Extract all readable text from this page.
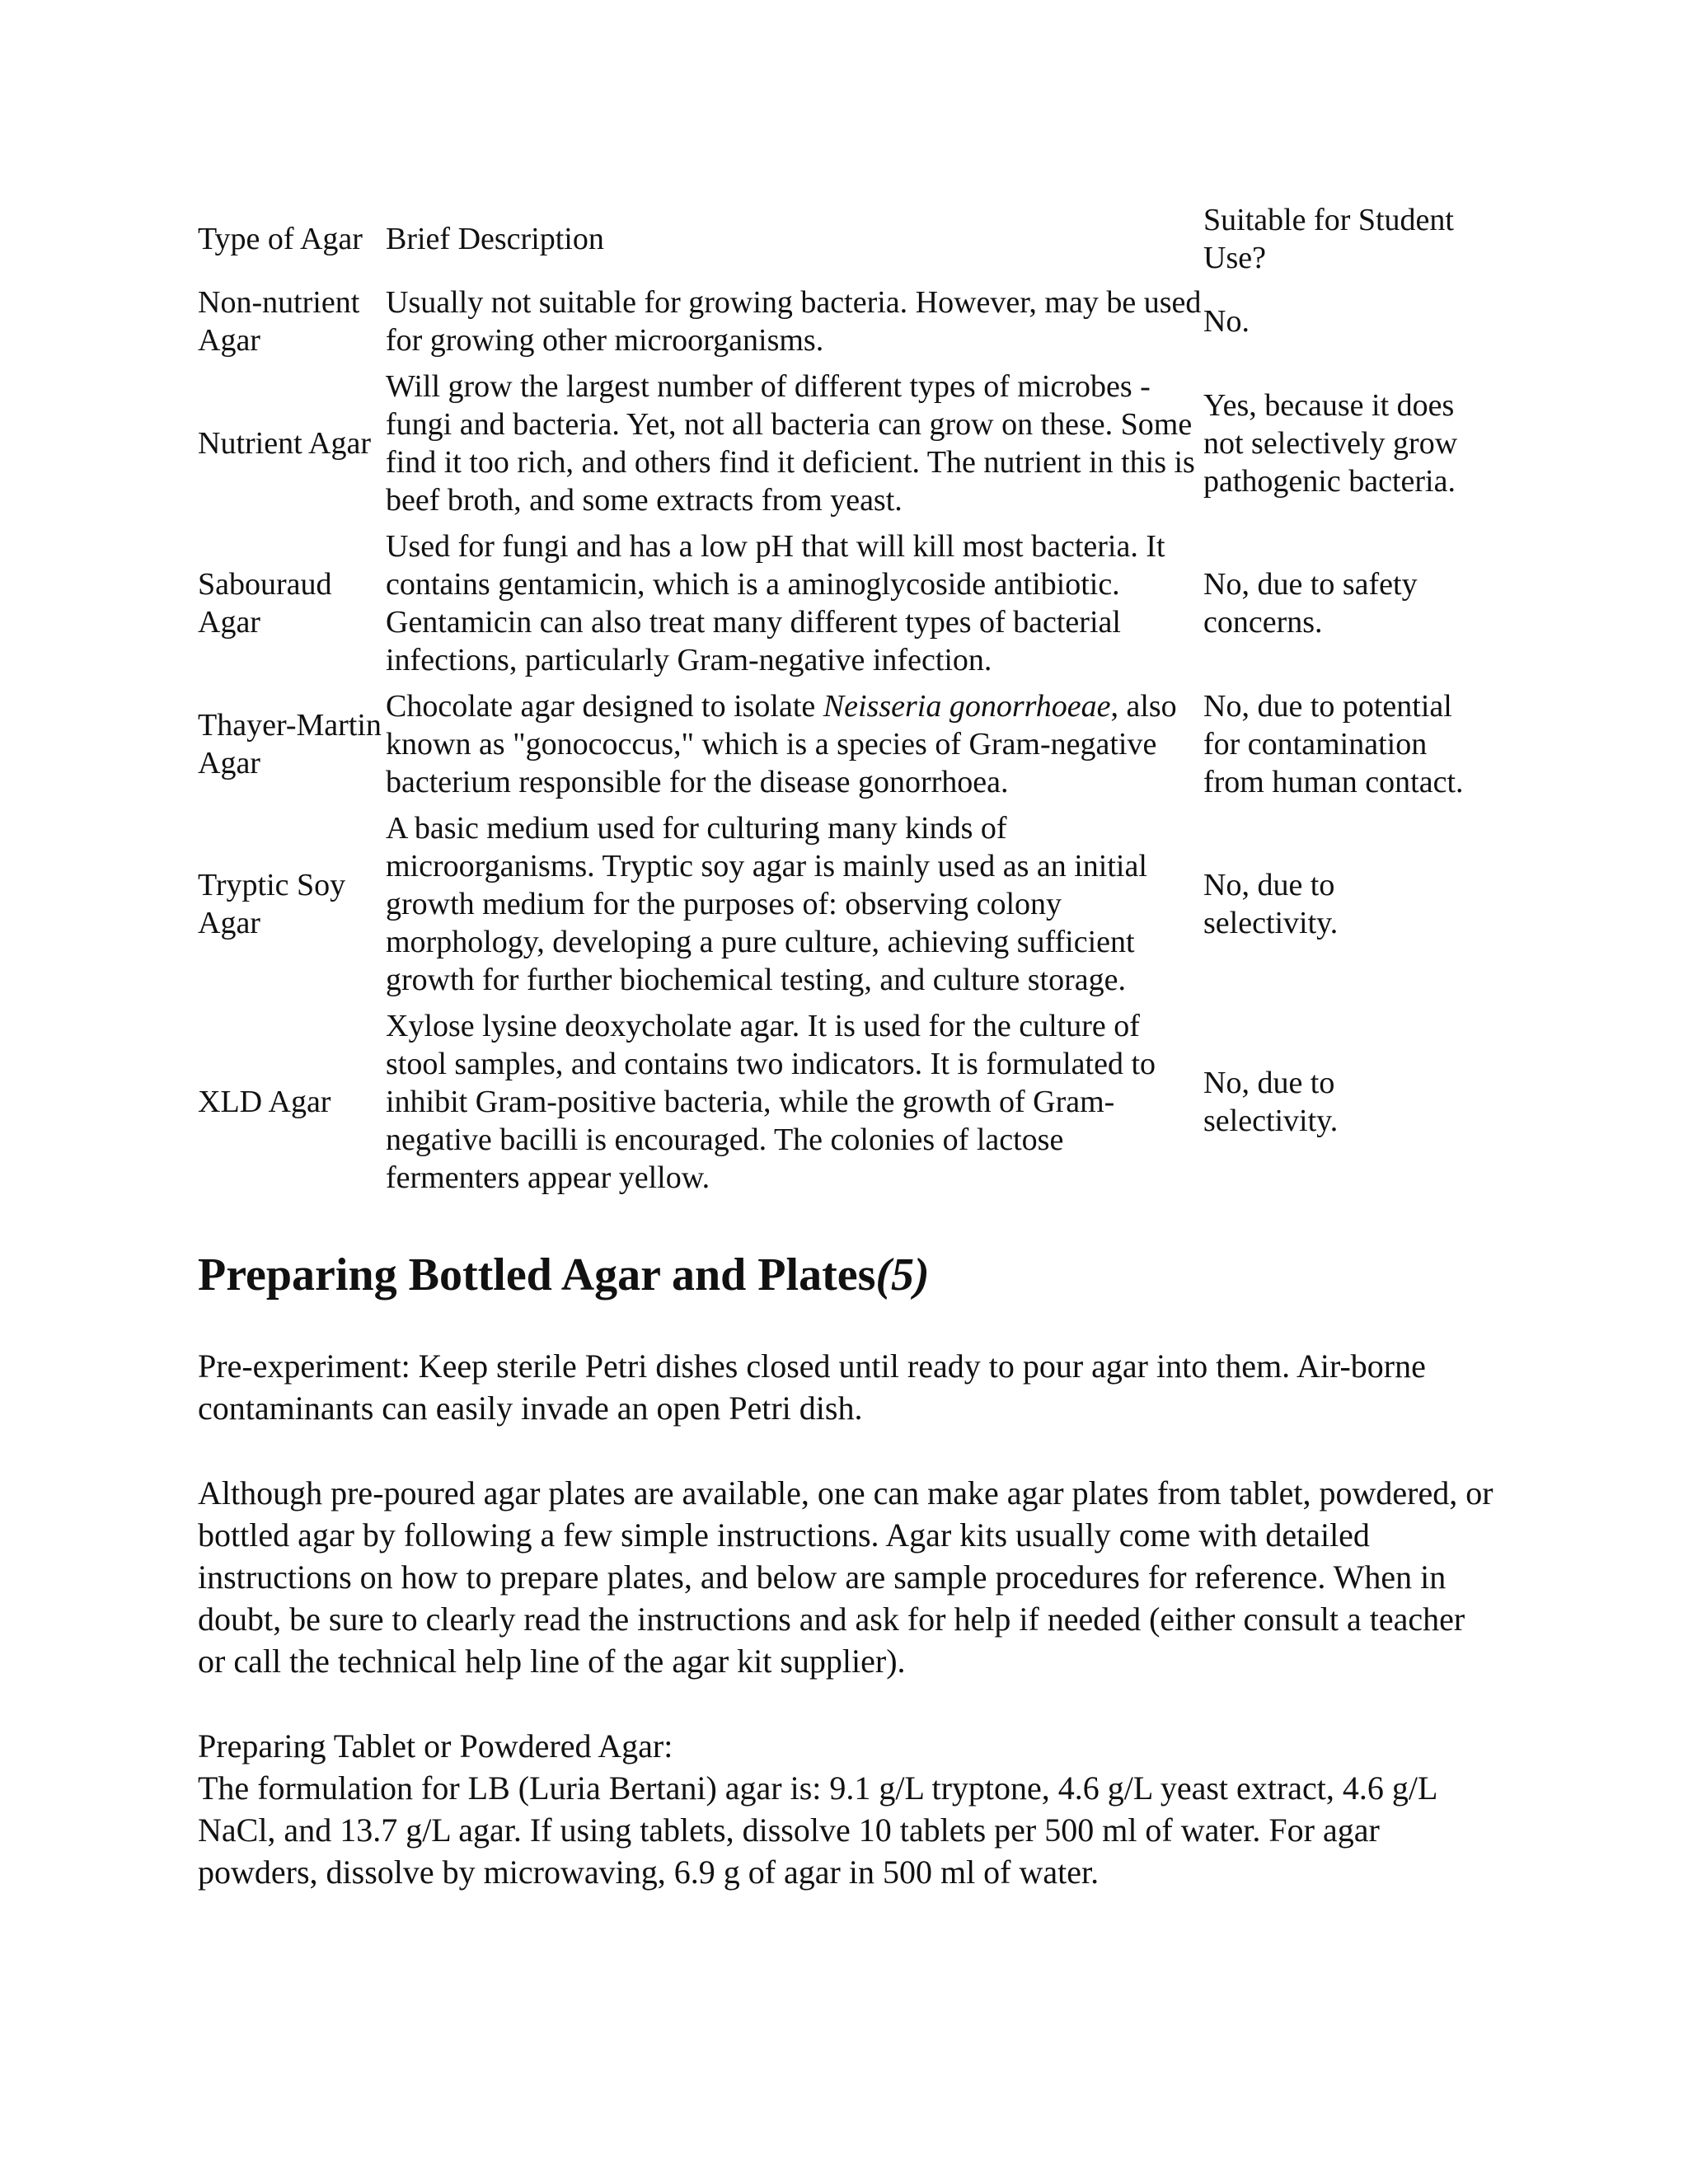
Type of Agar	Brief Description	Suitable for Student Use?
Non-nutrient Agar	Usually not suitable for growing bacteria. However, may be used for growing other microorganisms.	No.
Nutrient Agar	Will grow the largest number of different types of microbes - fungi and bacteria. Yet, not all bacteria can grow on these. Some find it too rich, and others find it deficient. The nutrient in this is beef broth, and some extracts from yeast.	Yes, because it does not selectively grow pathogenic bacteria.
Sabouraud Agar	Used for fungi and has a low pH that will kill most bacteria. It contains gentamicin, which is a aminoglycoside antibiotic. Gentamicin can also treat many different types of bacterial infections, particularly Gram-negative infection.	No, due to safety concerns.
Thayer-Martin Agar	Chocolate agar designed to isolate Neisseria gonorrhoeae, also known as "gonococcus," which is a species of Gram-negative bacterium responsible for the disease gonorrhoea.	No, due to potential for contamination from human contact.
Tryptic Soy Agar	A basic medium used for culturing many kinds of microorganisms. Tryptic soy agar is mainly used as an initial growth medium for the purposes of: observing colony morphology, developing a pure culture, achieving sufficient growth for further biochemical testing, and culture storage.	No, due to selectivity.
XLD Agar	Xylose lysine deoxycholate agar. It is used for the culture of stool samples, and contains two indicators. It is formulated to inhibit Gram-positive bacteria, while the growth of Gram-negative bacilli is encouraged. The colonies of lactose fermenters appear yellow.	No, due to selectivity.
Preparing Bottled Agar and Plates(5)

Pre-experiment: Keep sterile Petri dishes closed until ready to pour agar into them. Air-borne contaminants can easily invade an open Petri dish.

Although pre-poured agar plates are available, one can make agar plates from tablet, powdered, or bottled agar by following a few simple instructions. Agar kits usually come with detailed instructions on how to prepare plates, and below are sample procedures for reference. When in doubt, be sure to clearly read the instructions and ask for help if needed (either consult a teacher or call the technical help line of the agar kit supplier).

Preparing Tablet or Powdered Agar:

The formulation for LB (Luria Bertani) agar is: 9.1 g/L tryptone, 4.6 g/L yeast extract, 4.6 g/L NaCl, and 13.7 g/L agar. If using tablets, dissolve 10 tablets per 500 ml of water. For agar powders, dissolve by microwaving, 6.9 g of agar in 500 ml of water.
